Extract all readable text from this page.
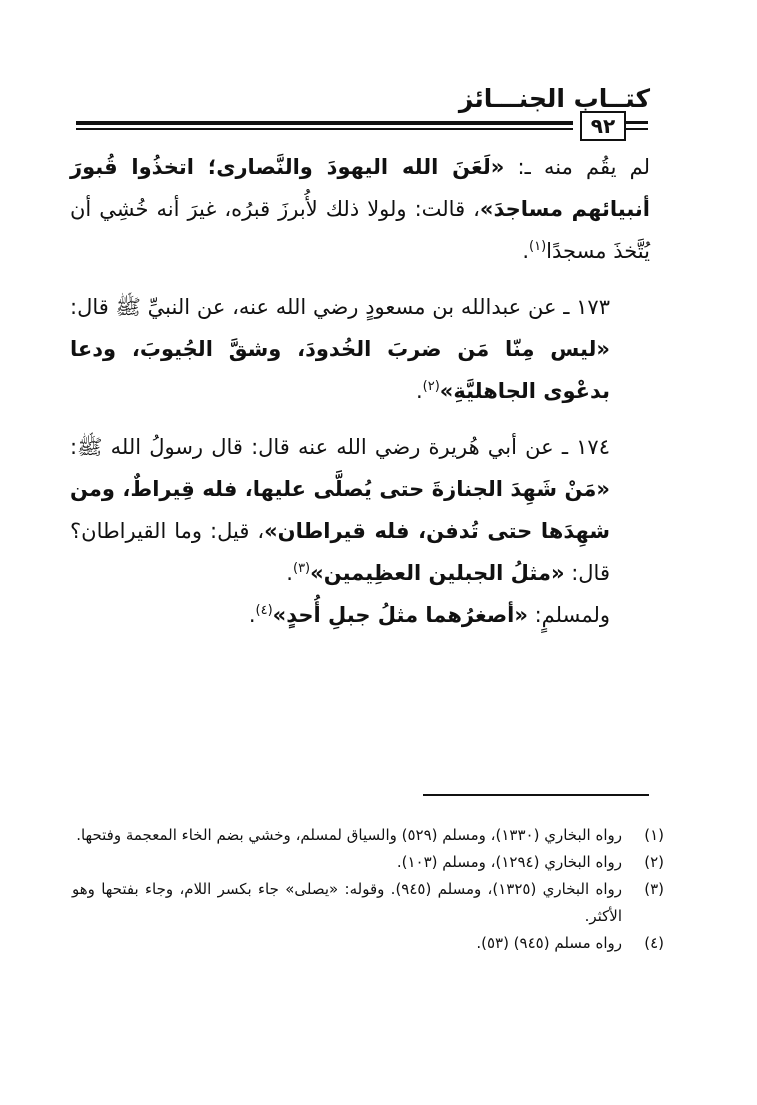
كتــاب الجنـــائز
٩٢

لم يقُم منه ـ: «لَعَنَ الله اليهودَ والنَّصارى؛ اتخذُوا قُبورَ أنبيائهم مساجدَ»، قالت: ولولا ذلك لأُبرزَ قبرُه، غيرَ أنه خُشِي أن يُتَّخذَ مسجدًا$^{(١)}$.

١٧٣ ـ عن عبدالله بن مسعودٍ رضي الله عنه، عن النبيِّ ﷺ قال: «ليس مِنّا مَن ضربَ الخُدودَ، وشقَّ الجُيوبَ، ودعا بدعْوى الجاهليَّةِ»$^{(٢)}$.

١٧٤ ـ عن أبي هُريرة رضي الله عنه قال: قال رسولُ الله ﷺ: «مَنْ شَهِدَ الجنازةَ حتى يُصلَّى عليها، فله قِيراطٌ، ومن شهِدَها حتى تُدفن، فله قيراطان»، قيل: وما القيراطان؟ قال: «مثلُ الجبلين العظِيمين»$^{(٣)}$.

ولمسلمٍ: «أصغرُهما مثلُ جبلِ أُحدٍ»$^{(٤)}$.

(١)
رواه البخاري (١٣٣٠)، ومسلم (٥٢٩) والسياق لمسلم، وخشي بضم الخاء المعجمة وفتحها.
(٢)
رواه البخاري (١٢٩٤)، ومسلم (١٠٣).
(٣)
رواه البخاري (١٣٢٥)، ومسلم (٩٤٥). وقوله: «يصلى» جاء بكسر اللام، وجاء بفتحها وهو الأكثر.
(٤)
رواه مسلم (٩٤٥) (٥٣).
